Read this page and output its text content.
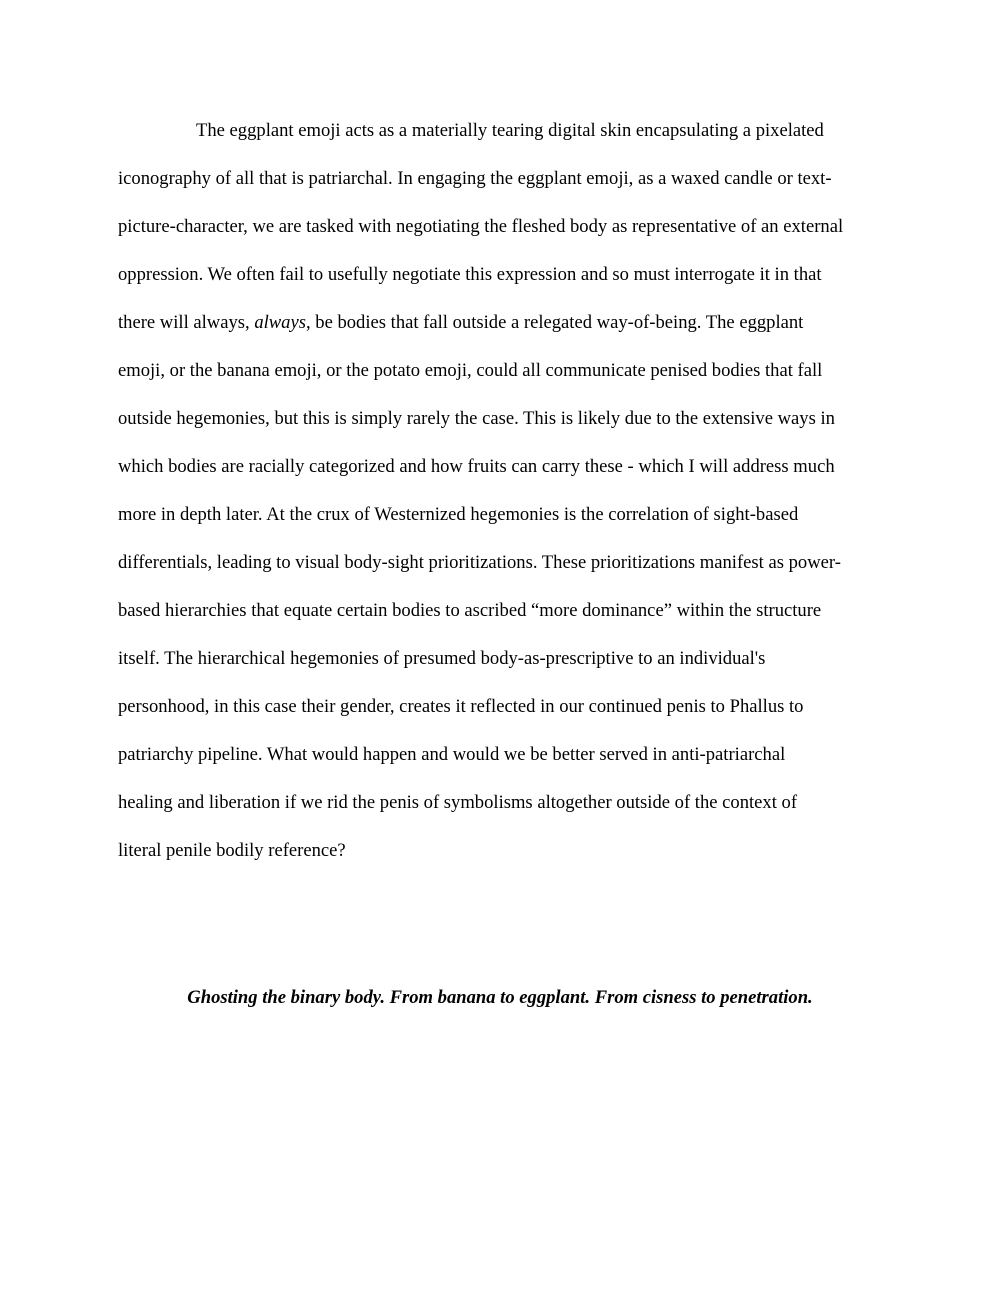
The eggplant emoji acts as a materially tearing digital skin encapsulating a pixelated
iconography of all that is patriarchal. In engaging the eggplant emoji, as a waxed candle or text-
picture-character, we are tasked with negotiating the fleshed body as representative of an external
oppression. We often fail to usefully negotiate this expression and so must interrogate it in that
there will always, always, be bodies that fall outside a relegated way-of-being. The eggplant
emoji, or the banana emoji, or the potato emoji, could all communicate penised bodies that fall
outside hegemonies, but this is simply rarely the case. This is likely due to the extensive ways in
which bodies are racially categorized and how fruits can carry these - which I will address much
more in depth later. At the crux of Westernized hegemonies is the correlation of sight-based
differentials, leading to visual body-sight prioritizations. These prioritizations manifest as power-
based hierarchies that equate certain bodies to ascribed “more dominance” within the structure
itself. The hierarchical hegemonies of presumed body-as-prescriptive to an individual's
personhood, in this case their gender, creates it reflected in our continued penis to Phallus to
patriarchy pipeline. What would happen and would we be better served in anti-patriarchal
healing and liberation if we rid the penis of symbolisms altogether outside of the context of
literal penile bodily reference?
Ghosting the binary body. From banana to eggplant. From cisness to penetration.
